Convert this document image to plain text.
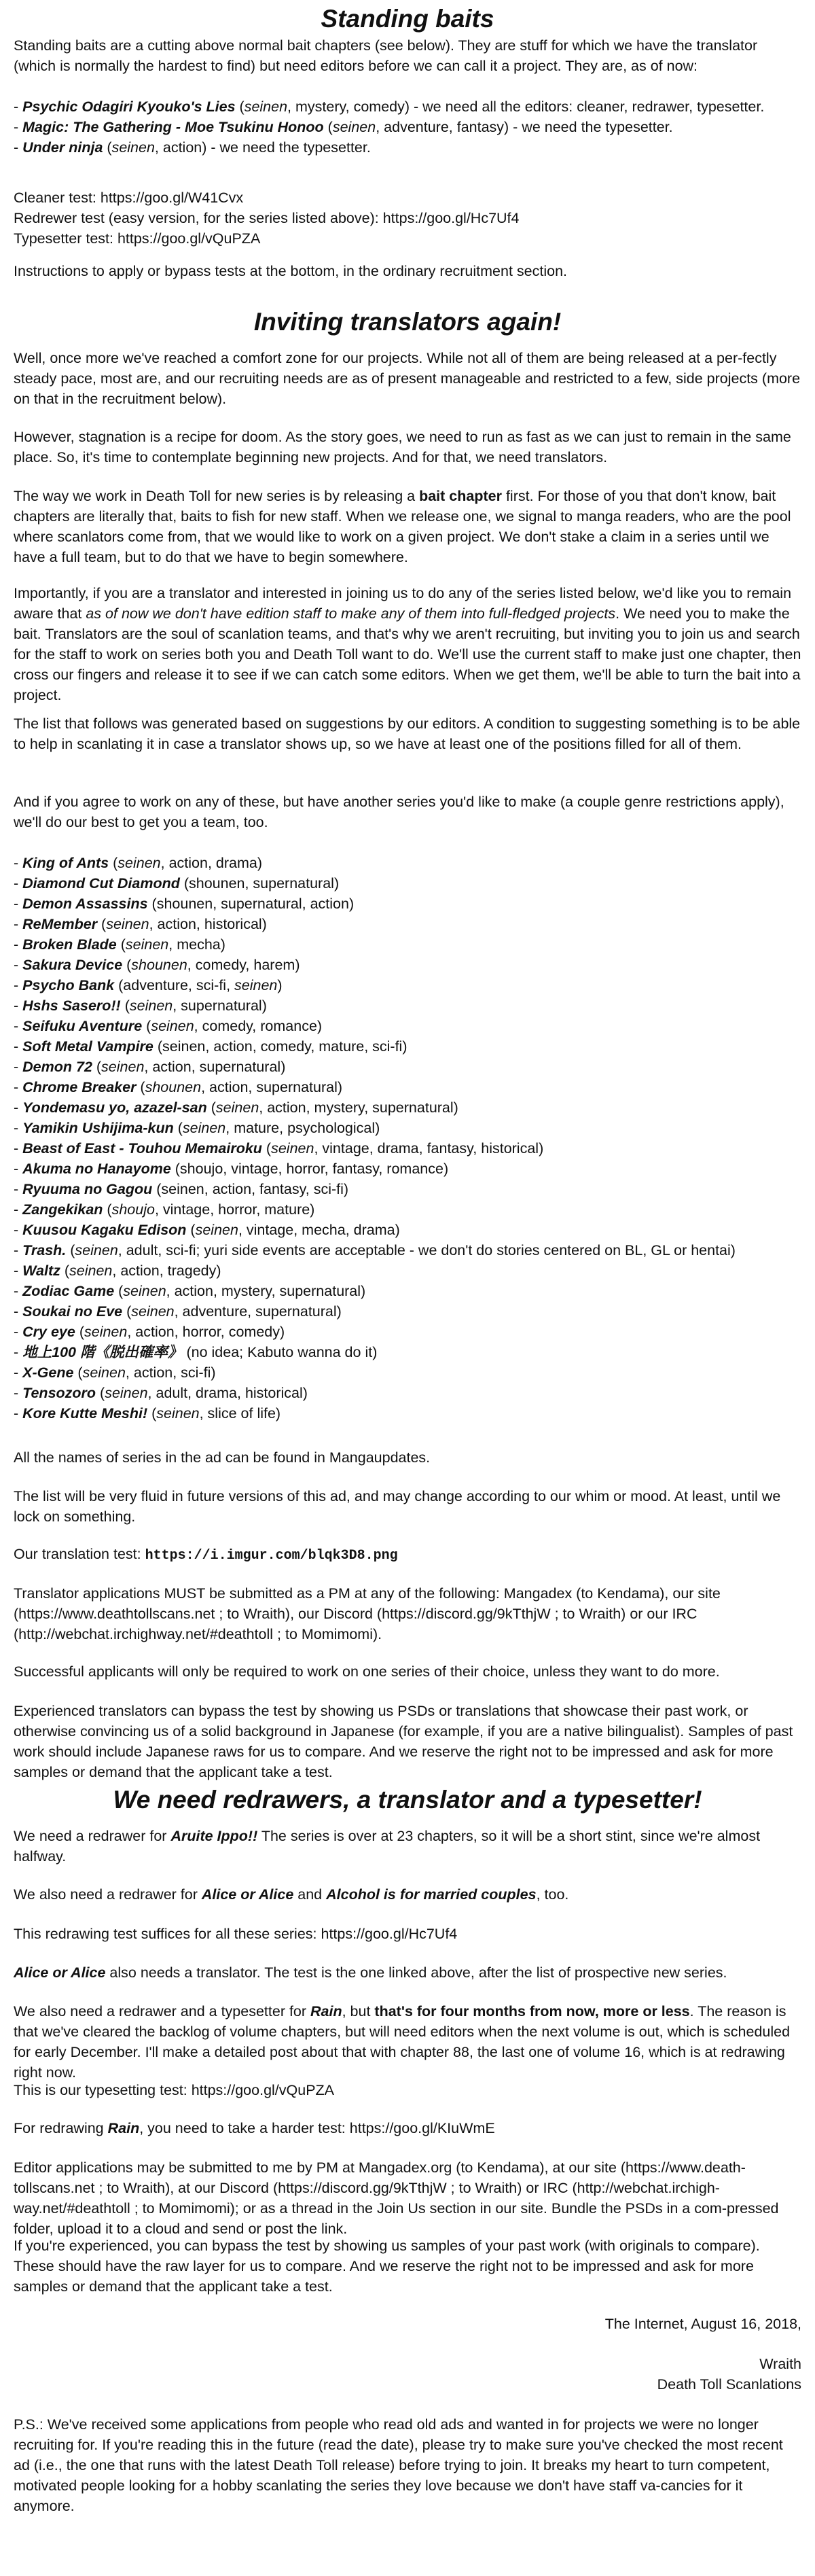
Standing baits

Standing baits are a cutting above normal bait chapters (see below). They are stuff for which we have the translator (which is normally the hardest to find) but need editors before we can call it a project. They are, as of now:

- Psychic Odagiri Kyouko's Lies (seinen, mystery, comedy) - we need all the editors: cleaner, redrawer, typesetter.
- Magic: The Gathering - Moe Tsukinu Honoo (seinen, adventure, fantasy) - we need the typesetter.
- Under ninja (seinen, action) - we need the typesetter.
Cleaner test: https://goo.gl/W41Cvx
Redrewer test (easy version, for the series listed above): https://goo.gl/Hc7Uf4
Typesetter test: https://goo.gl/vQuPZA

Instructions to apply or bypass tests at the bottom, in the ordinary recruitment section.

Inviting translators again!

Well, once more we've reached a comfort zone for our projects. While not all of them are being released at a per-fectly steady pace, most are, and our recruiting needs are as of present manageable and restricted to a few, side projects (more on that in the recruitment below).

However, stagnation is a recipe for doom. As the story goes, we need to run as fast as we can just to remain in the same place. So, it's time to contemplate beginning new projects. And for that, we need translators.

The way we work in Death Toll for new series is by releasing a bait chapter first. For those of you that don't know, bait chapters are literally that, baits to fish for new staff. When we release one, we signal to manga readers, who are the pool where scanlators come from, that we would like to work on a given project. We don't stake a claim in a series until we have a full team, but to do that we have to begin somewhere.

Importantly, if you are a translator and interested in joining us to do any of the series listed below, we'd like you to remain aware that as of now we don't have edition staff to make any of them into full-fledged projects. We need you to make the bait. Translators are the soul of scanlation teams, and that's why we aren't recruiting, but inviting you to join us and search for the staff to work on series both you and Death Toll want to do. We'll use the current staff to make just one chapter, then cross our fingers and release it to see if we can catch some editors. When we get them, we'll be able to turn the bait into a project.

The list that follows was generated based on suggestions by our editors. A condition to suggesting something is to be able to help in scanlating it in case a translator shows up, so we have at least one of the positions filled for all of them.

And if you agree to work on any of these, but have another series you'd like to make (a couple genre restrictions apply), we'll do our best to get you a team, too.

- King of Ants (seinen, action, drama)
- Diamond Cut Diamond (shounen, supernatural)
- Demon Assassins (shounen, supernatural, action)
- ReMember (seinen, action, historical)
- Broken Blade (seinen, mecha)
- Sakura Device (shounen, comedy, harem)
- Psycho Bank (adventure, sci-fi, seinen)
- Hshs Sasero!! (seinen, supernatural)
- Seifuku Aventure (seinen, comedy, romance)
- Soft Metal Vampire (seinen, action, comedy, mature, sci-fi)
- Demon 72 (seinen, action, supernatural)
- Chrome Breaker (shounen, action, supernatural)
- Yondemasu yo, azazel-san (seinen, action, mystery, supernatural)
- Yamikin Ushijima-kun (seinen, mature, psychological)
- Beast of East - Touhou Memairoku (seinen, vintage, drama, fantasy, historical)
- Akuma no Hanayome (shoujo, vintage, horror, fantasy, romance)
- Ryuuma no Gagou (seinen, action, fantasy, sci-fi)
- Zangekikan (shoujo, vintage, horror, mature)
- Kuusou Kagaku Edison (seinen, vintage, mecha, drama)
- Trash. (seinen, adult, sci-fi; yuri side events are acceptable - we don't do stories centered on BL, GL or hentai)
- Waltz (seinen, action, tragedy)
- Zodiac Game (seinen, action, mystery, supernatural)
- Soukai no Eve (seinen, adventure, supernatural)
- Cry eye (seinen, action, horror, comedy)
- 地上100 階《脱出確率》 (no idea; Kabuto wanna do it)
- X-Gene (seinen, action, sci-fi)
- Tensozoro (seinen, adult, drama, historical)
- Kore Kutte Meshi! (seinen, slice of life)

All the names of series in the ad can be found in Mangaupdates.

The list will be very fluid in future versions of this ad, and may change according to our whim or mood. At least, until we lock on something.

Our translation test: https://i.imgur.com/blqk3D8.png

Translator applications MUST be submitted as a PM at any of the following: Mangadex (to Kendama), our site (https://www.deathtollscans.net ; to Wraith), our Discord (https://discord.gg/9kTthjW ; to Wraith) or our IRC (http://webchat.irchighway.net/#deathtoll ; to Momimomi).

Successful applicants will only be required to work on one series of their choice, unless they want to do more.

Experienced translators can bypass the test by showing us PSDs or translations that showcase their past work, or otherwise convincing us of a solid background in Japanese (for example, if you are a native bilingualist). Samples of past work should include Japanese raws for us to compare. And we reserve the right not to be impressed and ask for more samples or demand that the applicant take a test.

We need redrawers, a translator and a typesetter!

We need a redrawer for Aruite Ippo!! The series is over at 23 chapters, so it will be a short stint, since we're almost halfway.

We also need a redrawer for Alice or Alice and Alcohol is for married couples, too.

This redrawing test suffices for all these series: https://goo.gl/Hc7Uf4

Alice or Alice also needs a translator. The test is the one linked above, after the list of prospective new series.

We also need a redrawer and a typesetter for Rain, but that's for four months from now, more or less. The reason is that we've cleared the backlog of volume chapters, but will need editors when the next volume is out, which is scheduled for early December. I'll make a detailed post about that with chapter 88, the last one of volume 16, which is at redrawing right now.

This is our typesetting test: https://goo.gl/vQuPZA

For redrawing Rain, you need to take a harder test: https://goo.gl/KIuWmE

Editor applications may be submitted to me by PM at Mangadex.org (to Kendama), at our site (https://www.death-tollscans.net ; to Wraith), at our Discord (https://discord.gg/9kTthjW ; to Wraith) or IRC (http://webchat.irchigh-way.net/#deathtoll ; to Momimomi); or as a thread in the Join Us section in our site. Bundle the PSDs in a com-pressed folder, upload it to a cloud and send or post the link.

If you're experienced, you can bypass the test by showing us samples of your past work (with originals to compare). These should have the raw layer for us to compare. And we reserve the right not to be impressed and ask for more samples or demand that the applicant take a test.

The Internet, August 16, 2018,
Wraith
Death Toll Scanlations

P.S.: We've received some applications from people who read old ads and wanted in for projects we were no longer recruiting for. If you're reading this in the future (read the date), please try to make sure you've checked the most recent ad (i.e., the one that runs with the latest Death Toll release) before trying to join. It breaks my heart to turn competent, motivated people looking for a hobby scanlating the series they love because we don't have staff va-cancies for it anymore.
